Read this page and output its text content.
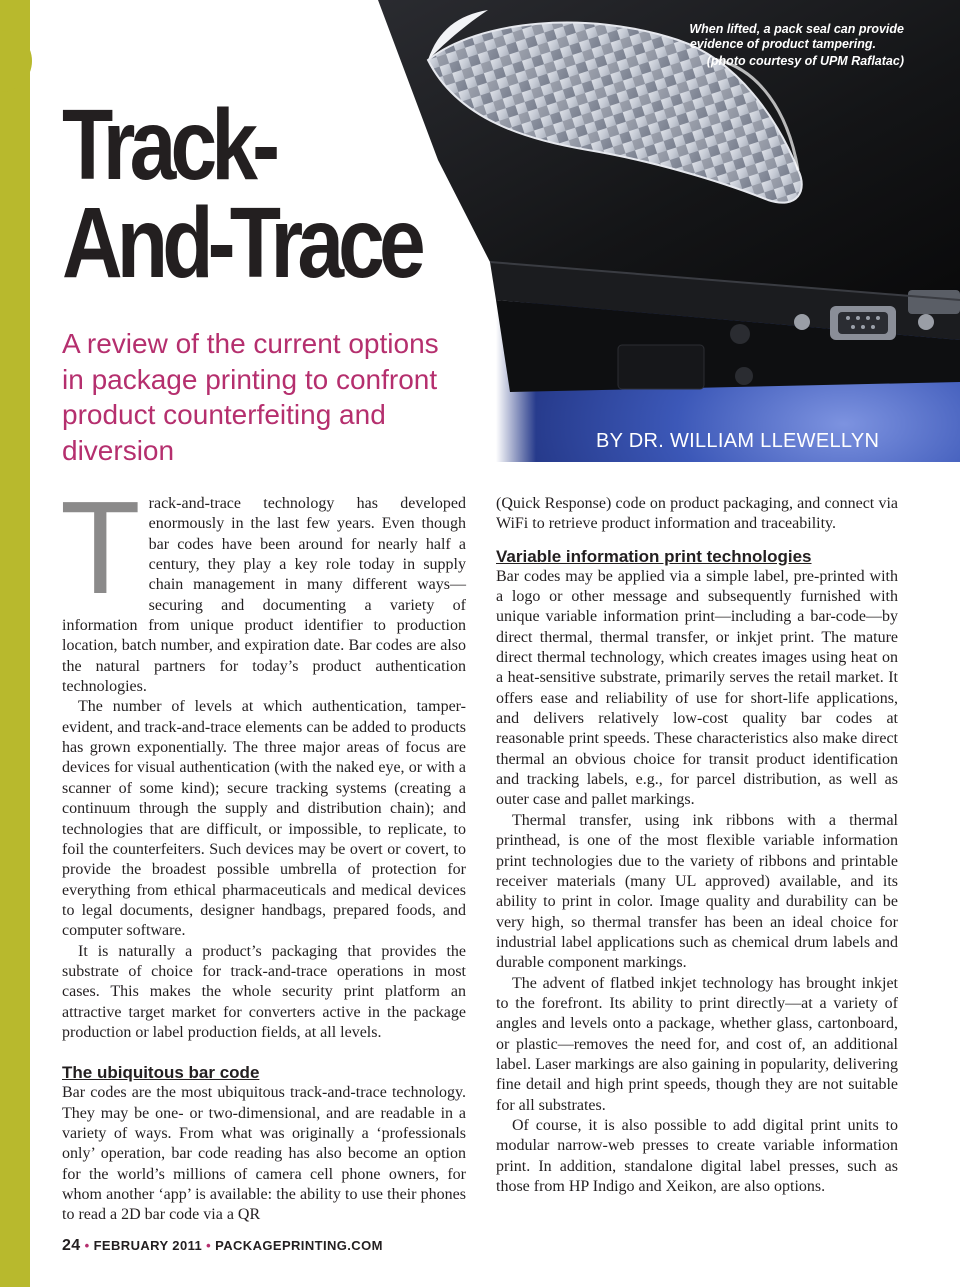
When lifted, a pack seal can provide
evidence of product tampering.
(photo courtesy of UPM Raflatac)
BY DR. WILLIAM LLEWELLYN
Track-
And-Trace
A review of the current options in package printing to confront product counterfeiting and diversion

Track-and-trace technology has developed enormously in the last few years. Even though bar codes have been around for nearly half a century, they play a key role today in supply chain management in many different ways—securing and documenting a variety of information from unique product identifier to production location, batch number, and expiration date. Bar codes are also the natural partners for today’s product authentication technologies.

The number of levels at which authentication, tamper-evident, and track-and-trace elements can be added to products has grown exponentially. The three major areas of focus are devices for visual authentication (with the naked eye, or with a scanner of some kind); secure tracking systems (creating a continuum through the supply and distribution chain); and technologies that are difficult, or impossible, to replicate, to foil the counterfeiters. Such devices may be overt or covert, to provide the broadest possible umbrella of protection for everything from ethical pharmaceuticals and medical devices to legal documents, designer handbags, prepared foods, and computer software.

It is naturally a product’s packaging that provides the substrate of choice for track-and-trace operations in most cases. This makes the whole security print platform an attractive target market for converters active in the package production or label production fields, at all levels.

The ubiquitous bar code

Bar codes are the most ubiquitous track-and-trace technology. They may be one- or two-dimensional, and are readable in a variety of ways. From what was originally a ‘professionals only’ operation, bar code reading has also become an option for the world’s millions of camera cell phone owners, for whom another ‘app’ is available: the ability to use their phones to read a 2D bar code via a QR

(Quick Response) code on product packaging, and connect via WiFi to retrieve product information and traceability.

Variable information print technologies

Bar codes may be applied via a simple label, pre-printed with a logo or other message and subsequently furnished with unique variable information print—including a bar-code—by direct thermal, thermal transfer, or inkjet print. The mature direct thermal technology, which creates images using heat on a heat-sensitive substrate, primarily serves the retail market. It offers ease and reliability of use for short-life applications, and delivers relatively low-cost quality bar codes at reasonable print speeds. These characteristics also make direct thermal an obvious choice for transit product identification and tracking labels, e.g., for parcel distribution, as well as outer case and pallet markings.

Thermal transfer, using ink ribbons with a thermal printhead, is one of the most flexible variable information print technologies due to the variety of ribbons and printable receiver materials (many UL approved) available, and its ability to print in color. Image quality and durability can be very high, so thermal transfer has been an ideal choice for industrial label applications such as chemical drum labels and durable component markings.

The advent of flatbed inkjet technology has brought inkjet to the forefront. Its ability to print directly—at a variety of angles and levels onto a package, whether glass, cartonboard, or plastic—removes the need for, and cost of, an additional label. Laser markings are also gaining in popularity, delivering fine detail and high print speeds, though they are not suitable for all substrates.

Of course, it is also possible to add digital print units to modular narrow-web presses to create variable information print. In addition, standalone digital label presses, such as those from HP Indigo and Xeikon, are also options.

24 • FEBRUARY 2011 • PACKAGEPRINTING.COM
